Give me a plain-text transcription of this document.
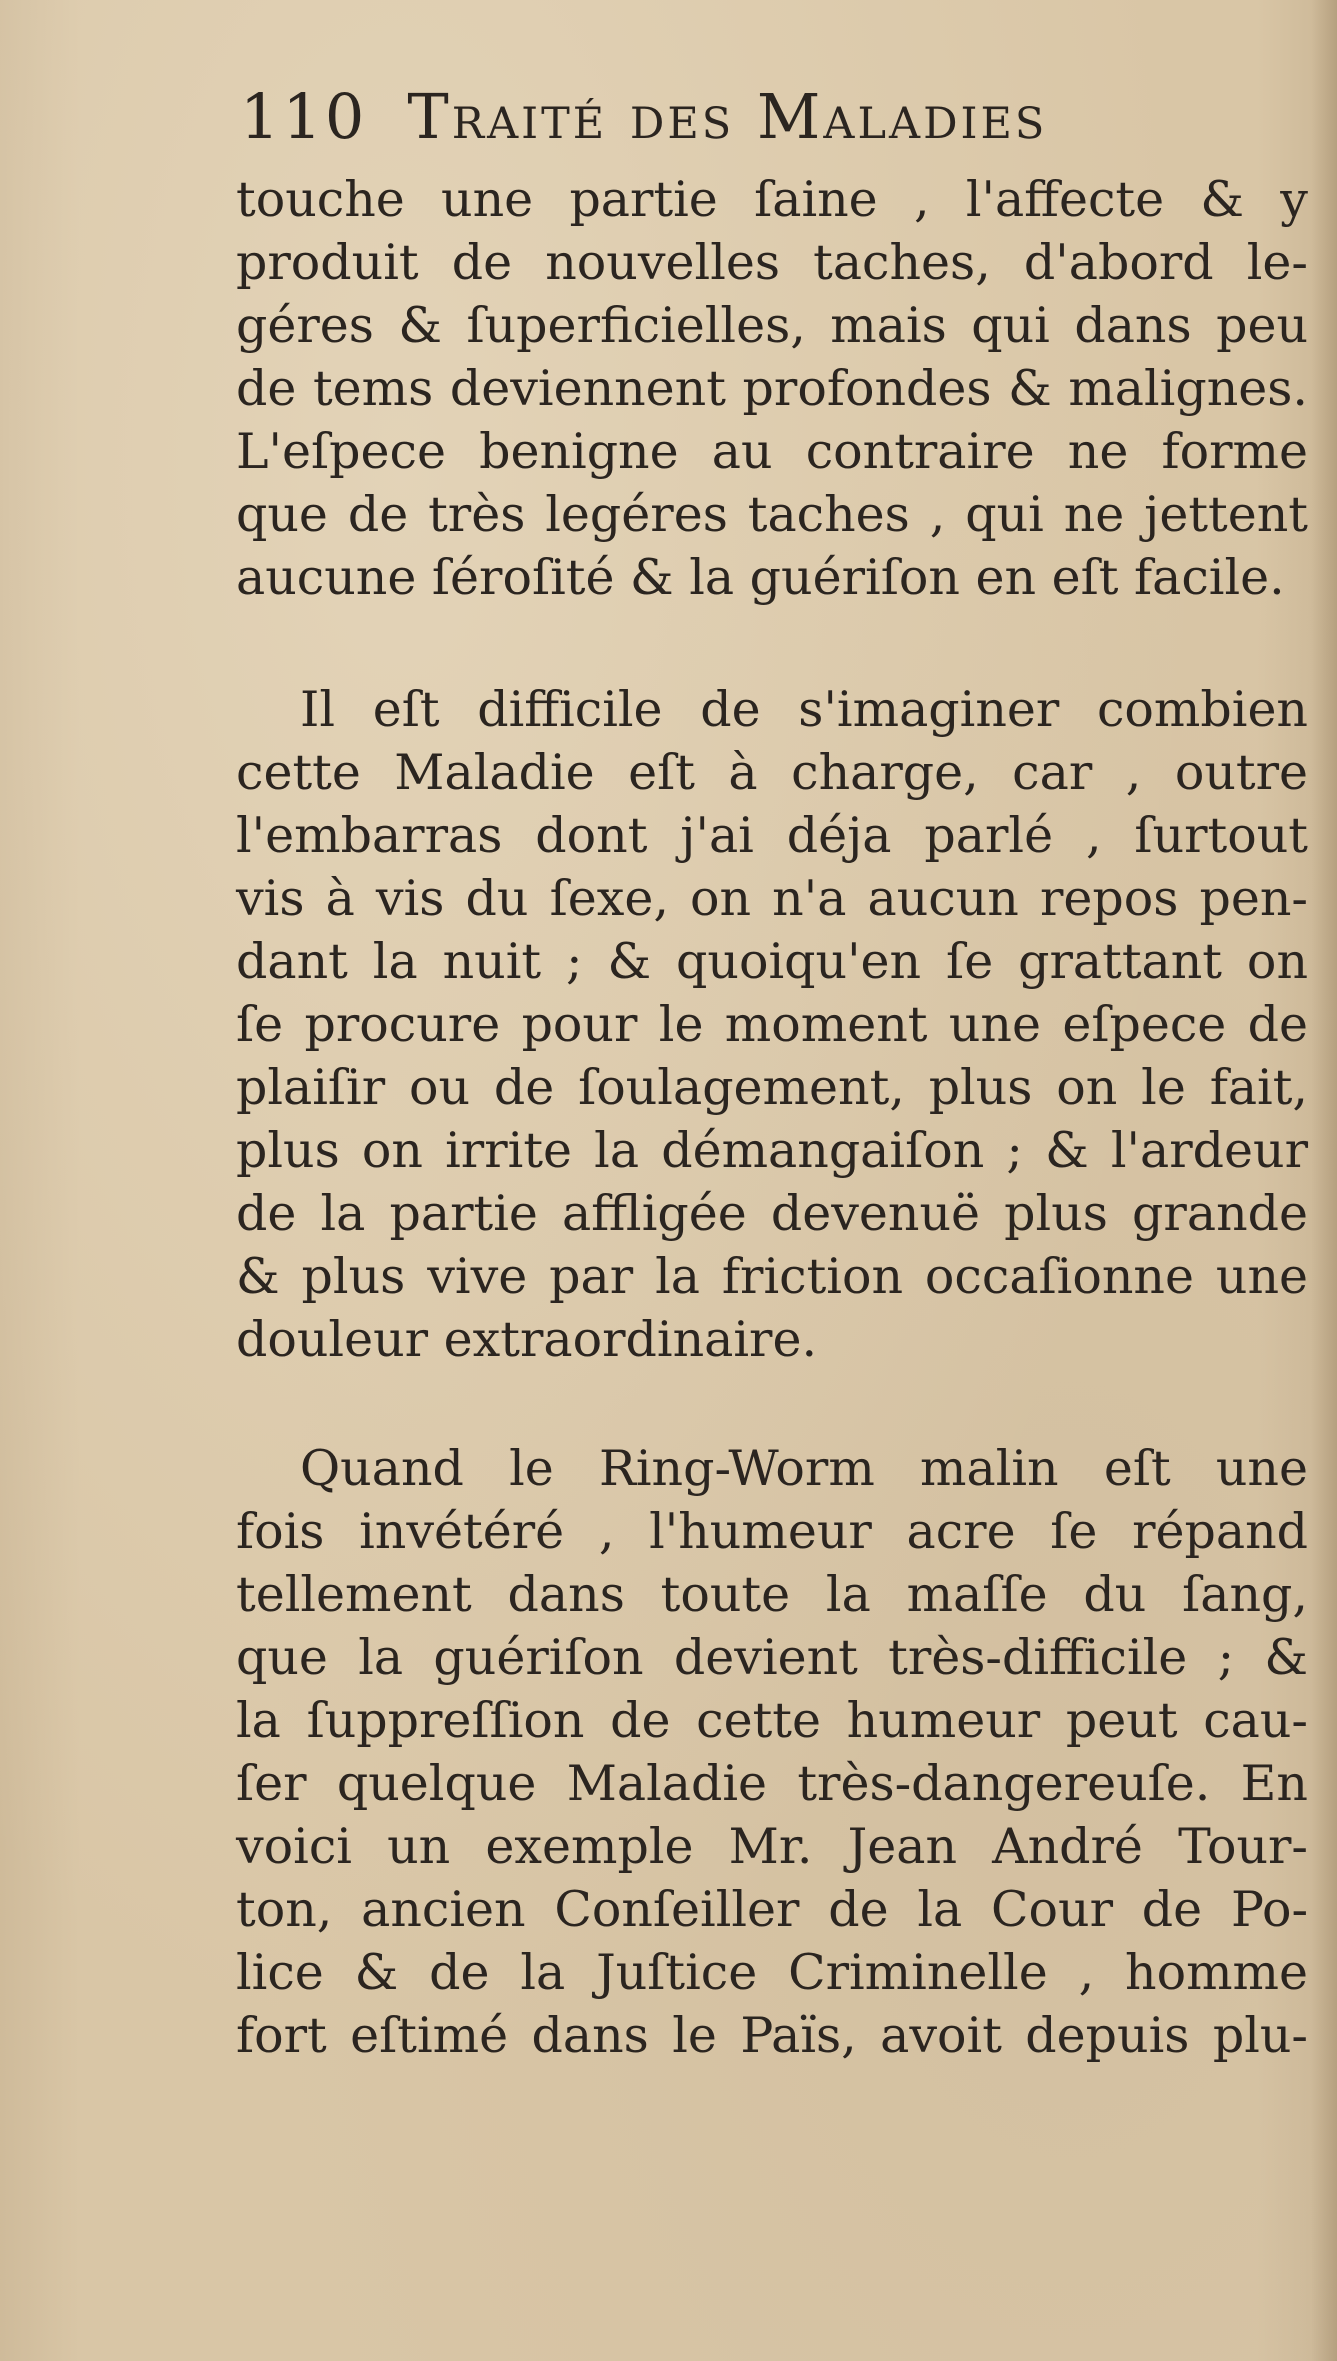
110 Traité des Maladies
touche une partie ſaine , l'affecte & y
produit de nouvelles taches, d'abord le-
géres & ſuperficielles, mais qui dans peu
de tems deviennent profondes & malignes.
L'eſpece benigne au contraire ne forme
que de très legéres taches , qui ne jettent
aucune ſéroſité & la guériſon en eſt facile.
Il eſt difficile de s'imaginer combien
cette Maladie eſt à charge, car , outre
l'embarras dont j'ai déja parlé , ſurtout
vis à vis du ſexe, on n'a aucun repos pen-
dant la nuit ; & quoiqu'en ſe grattant on
ſe procure pour le moment une eſpece de
plaiſir ou de ſoulagement, plus on le fait,
plus on irrite la démangaiſon ; & l'ardeur
de la partie affligée devenuë plus grande
& plus vive par la friction occaſionne une
douleur extraordinaire.
Quand le Ring-Worm malin eſt une
fois invétéré , l'humeur acre ſe répand
tellement dans toute la maſſe du ſang,
que la guériſon devient très-difficile ; &
la ſuppreſſion de cette humeur peut cau-
ſer quelque Maladie très-dangereuſe. En
voici un exemple Mr. Jean André Tour-
ton, ancien Conſeiller de la Cour de Po-
lice & de la Juſtice Criminelle , homme
fort eſtimé dans le Païs, avoit depuis plu-
